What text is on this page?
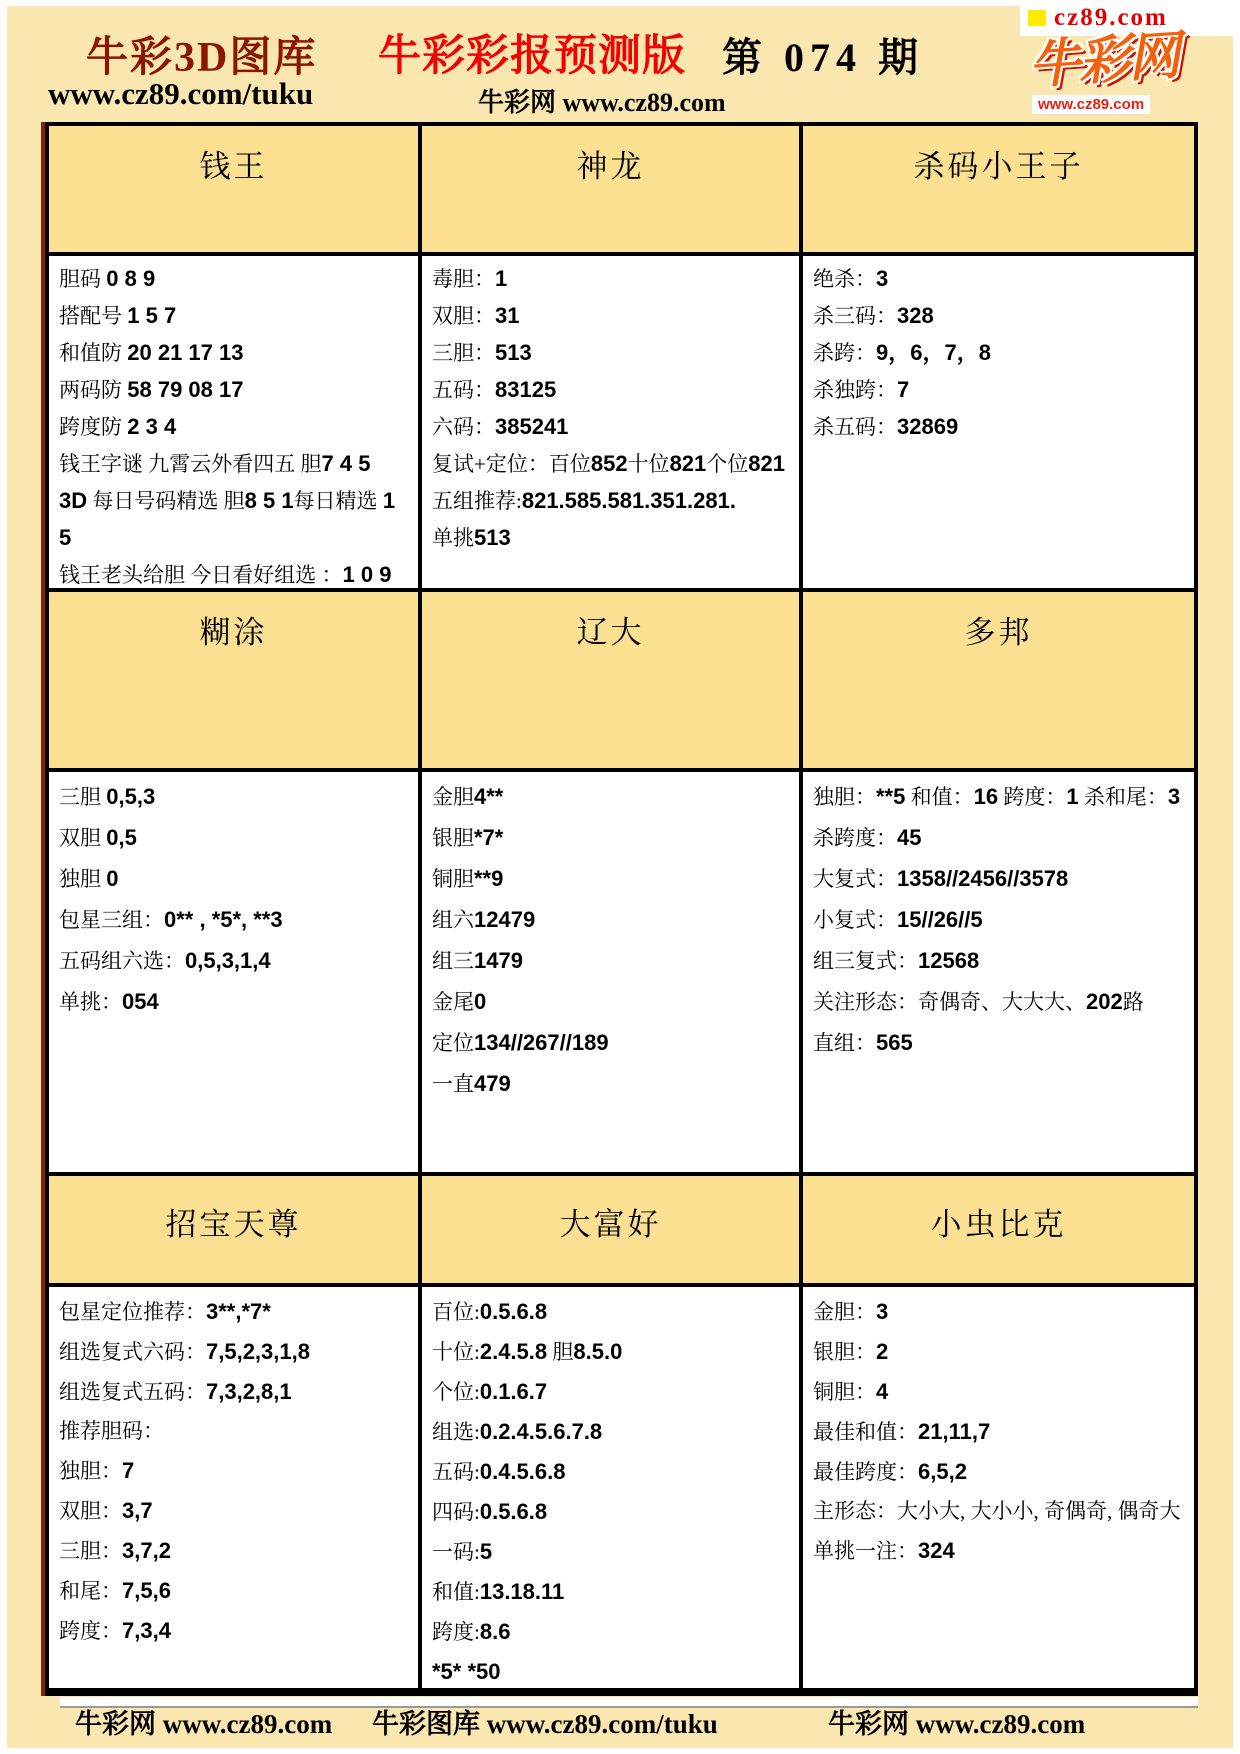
牛彩3D图库 牛彩彩报预测版 第 074 期
cz89.com
牛彩网
www.cz89.com
www.cz89.com/tuku	牛彩网 www.cz89.com
钱王	神龙	杀码小王子
胆码 0 8 9
搭配号 1 5 7
和值防 20 21 17 13
两码防 58 79 08 17
跨度防 2 3 4
钱王字谜 九霄云外看四五 胆7 4 5
3D 每日号码精选 胆8 5 1每日精选 1 5
钱王老头给胆 今日看好组选 ：1 0 9
毒胆：1
双胆：31
三胆：513
五码：83125
六码：385241
复试+定位：百位852十位821个位821
五组推荐:821.585.581.351.281.
单挑513
绝杀：3
杀三码：328
杀跨：9，6，7，8
杀独跨：7
杀五码：32869
糊涂	辽大	多邦
三胆 0,5,3
双胆 0,5
独胆 0
包星三组：0** , *5*, **3
五码组六选：0,5,3,1,4
单挑：054
金胆4**
银胆*7*
铜胆**9
组六12479
组三1479
金尾0
定位134//267//189
一直479
独胆：**5 和值：16 跨度：1 杀和尾：3 杀跨度：45
大复式：1358//2456//3578
小复式：15//26//5
组三复式：12568
关注形态：奇偶奇、大大大、202路
直组：565
招宝天尊	大富好	小虫比克
包星定位推荐：3**,*7*
组选复式六码：7,5,2,3,1,8
组选复式五码：7,3,2,8,1
推荐胆码：
独胆：7
双胆：3,7
三胆：3,7,2
和尾：7,5,6
跨度：7,3,4
百位:0.5.6.8
十位:2.4.5.8 胆8.5.0
个位:0.1.6.7
组选:0.2.4.5.6.7.8
五码:0.4.5.6.8
四码:0.5.6.8
一码:5
和值:13.18.11
跨度:8.6
*5* *50
金胆：3
银胆：2
铜胆：4
最佳和值：21,11,7
最佳跨度：6,5,2
主形态：大小大, 大小小, 奇偶奇, 偶奇大
单挑一注：324
牛彩网 www.cz89.com 牛彩图库 www.cz89.com/tuku	牛彩网 www.cz89.com
